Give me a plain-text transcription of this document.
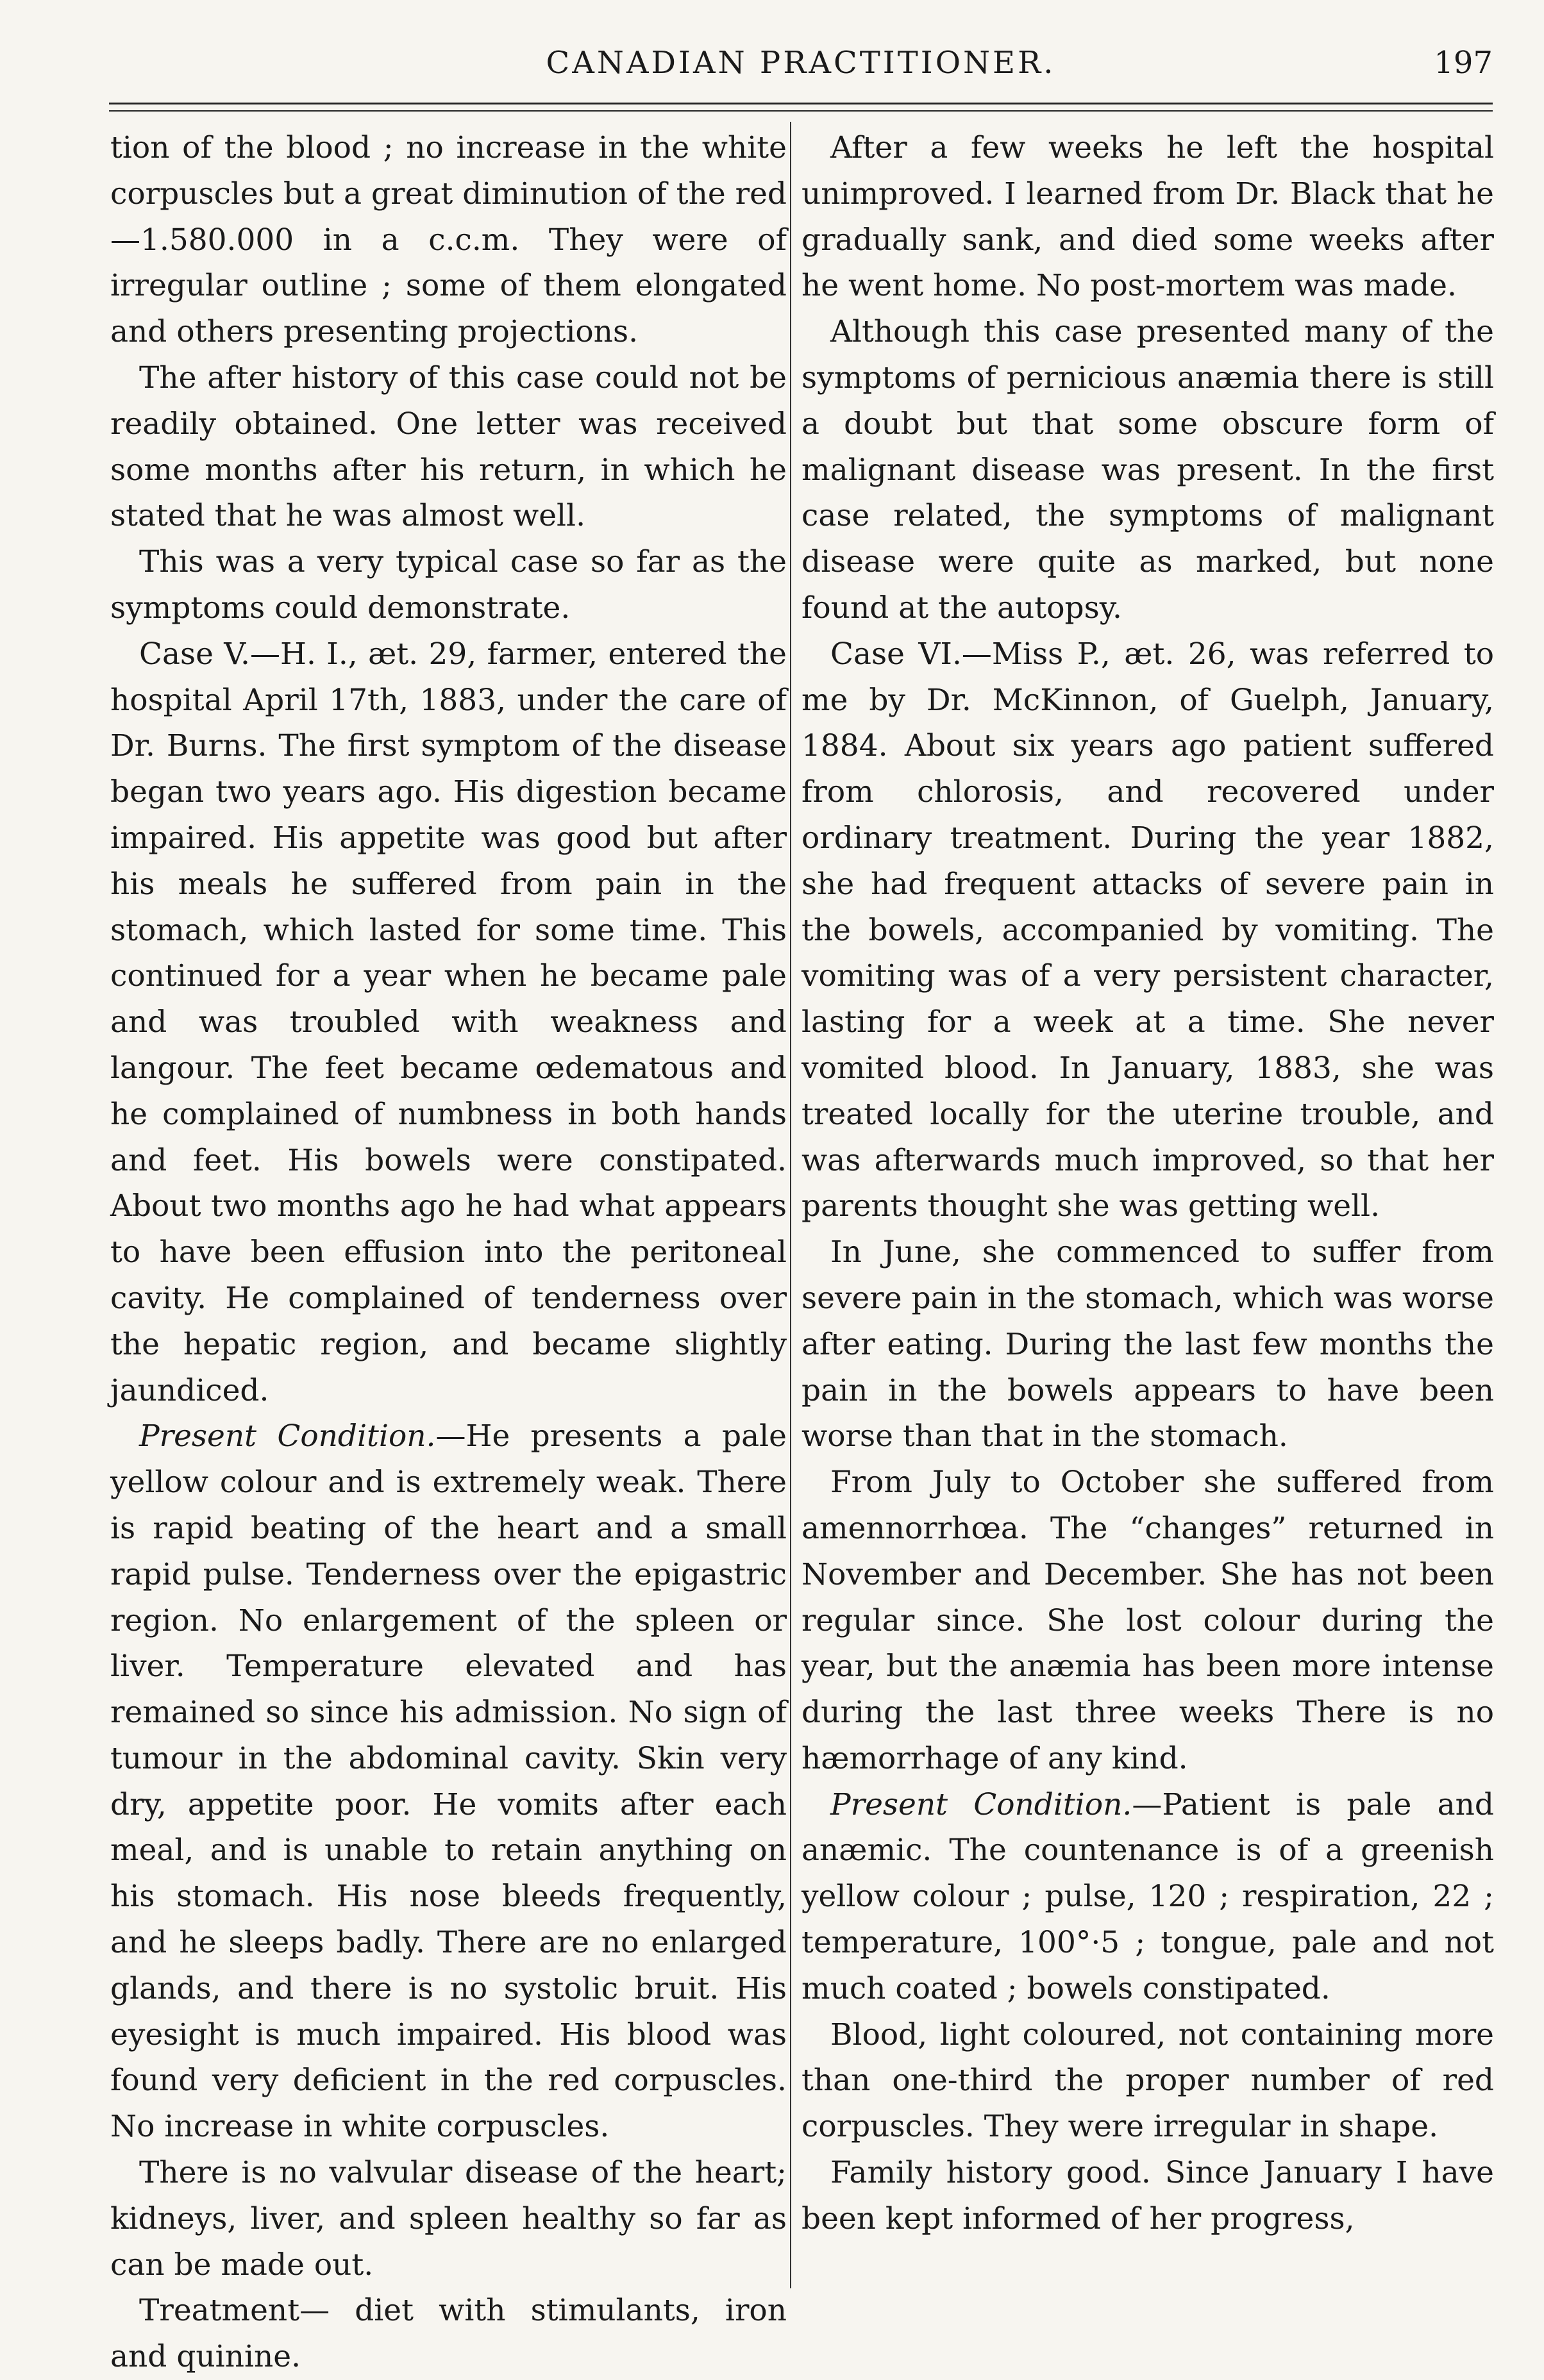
CANADIAN PRACTITIONER.	197

tion of the blood ; no increase in the white corpuscles but a great diminution of the red—1.580.000 in a c.c.m. They were of irregular outline ; some of them elongated and others presenting projections.

The after history of this case could not be readily obtained. One letter was received some months after his return, in which he stated that he was almost well.

This was a very typical case so far as the symptoms could demonstrate.

Case V.—H. I., æt. 29, farmer, entered the hospital April 17th, 1883, under the care of Dr. Burns. The first symptom of the disease began two years ago. His digestion became impaired. His appetite was good but after his meals he suffered from pain in the stomach, which lasted for some time. This continued for a year when he became pale and was troubled with weakness and langour. The feet became œdematous and he complained of numbness in both hands and feet. His bowels were constipated. About two months ago he had what appears to have been effusion into the peritoneal cavity. He complained of tenderness over the hepatic region, and became slightly jaundiced.

Present Condition.—He presents a pale yellow colour and is extremely weak. There is rapid beating of the heart and a small rapid pulse. Tenderness over the epigastric region. No enlargement of the spleen or liver. Temperature elevated and has remained so since his admission. No sign of tumour in the abdominal cavity. Skin very dry, appetite poor. He vomits after each meal, and is unable to retain anything on his stomach. His nose bleeds frequently, and he sleeps badly. There are no enlarged glands, and there is no systolic bruit. His eyesight is much impaired. His blood was found very deficient in the red corpuscles. No increase in white corpuscles.

There is no valvular disease of the heart; kidneys, liver, and spleen healthy so far as can be made out.

Treatment— diet with stimulants, iron and quinine.

After a few weeks he left the hospital unimproved. I learned from Dr. Black that he gradually sank, and died some weeks after he went home. No post-mortem was made.

Although this case presented many of the symptoms of pernicious anæmia there is still a doubt but that some obscure form of malignant disease was present. In the first case related, the symptoms of malignant disease were quite as marked, but none found at the autopsy.

Case VI.—Miss P., æt. 26, was referred to me by Dr. McKinnon, of Guelph, January, 1884. About six years ago patient suffered from chlorosis, and recovered under ordinary treatment. During the year 1882, she had frequent attacks of severe pain in the bowels, accompanied by vomiting. The vomiting was of a very persistent character, lasting for a week at a time. She never vomited blood. In January, 1883, she was treated locally for the uterine trouble, and was afterwards much improved, so that her parents thought she was getting well.

In June, she commenced to suffer from severe pain in the stomach, which was worse after eating. During the last few months the pain in the bowels appears to have been worse than that in the stomach.

From July to October she suffered from amennorrhœa. The “changes” returned in November and December. She has not been regular since. She lost colour during the year, but the anæmia has been more intense during the last three weeks There is no hæmorrhage of any kind.

Present Condition.—Patient is pale and anæmic. The countenance is of a greenish yellow colour ; pulse, 120 ; respiration, 22 ; temperature, 100°·5 ; tongue, pale and not much coated ; bowels constipated.

Blood, light coloured, not containing more than one-third the proper number of red corpuscles. They were irregular in shape.

Family history good. Since January I have been kept informed of her progress,
